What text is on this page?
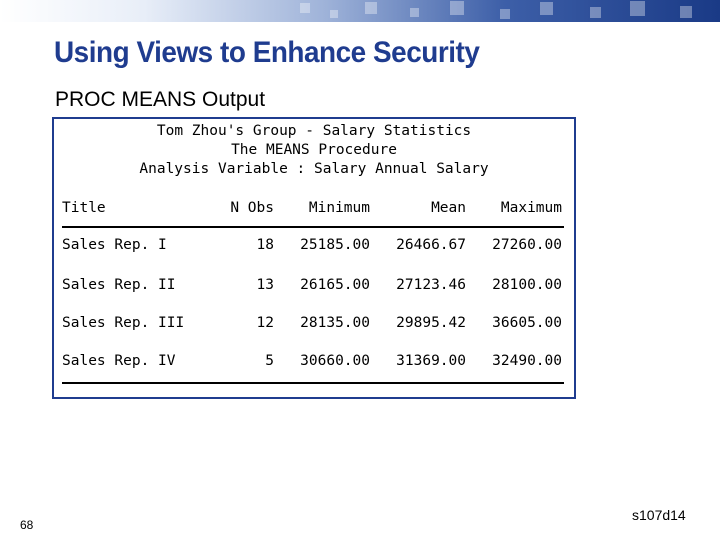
Using Views to Enhance Security
PROC MEANS Output
Tom Zhou's Group - Salary Statistics
The MEANS Procedure
Analysis Variable : Salary Annual Salary
Title	N Obs	Minimum	Mean	Maximum
Sales Rep. I	18	25185.00	26466.67	27260.00
Sales Rep. II	13	26165.00	27123.46	28100.00
Sales Rep. III	12	28135.00	29895.42	36605.00
Sales Rep. IV	5	30660.00	31369.00	32490.00
68
s107d14
